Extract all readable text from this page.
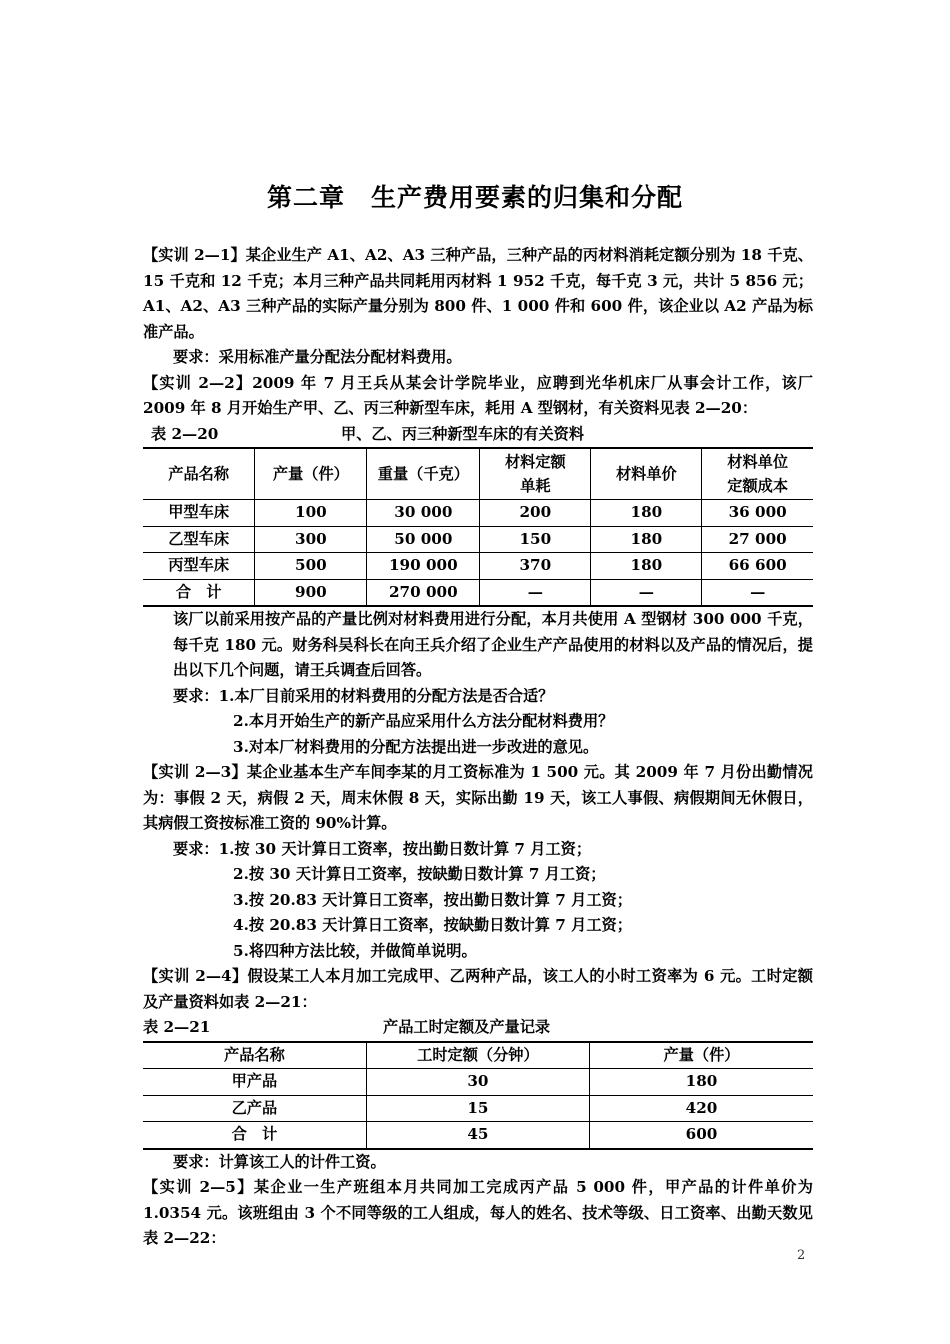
第二章　生产费用要素的归集和分配

【实训 2—1】某企业生产 A1、A2、A3 三种产品，三种产品的丙材料消耗定额分别为 18 千克、15 千克和 12 千克；本月三种产品共同耗用丙材料 1 952 千克，每千克 3 元，共计 5 856 元；A1、A2、A3 三种产品的实际产量分别为 800 件、1 000 件和 600 件，该企业以 A2 产品为标准产品。

要求：采用标准产量分配法分配材料费用。

【实训 2—2】2009 年 7 月王兵从某会计学院毕业，应聘到光华机床厂从事会计工作，该厂 2009 年 8 月开始生产甲、乙、丙三种新型车床，耗用 A 型钢材，有关资料见表 2—20：

表 2—20	甲、乙、丙三种新型车床的有关资料
产品名称	产量（件）	重量（千克）	材料定额单耗	材料单价	材料单位定额成本
甲型车床	100	30 000	200	180	36 000
乙型车床	300	50 000	150	180	27 000
丙型车床	500	190 000	370	180	66 600
合　计	900	270 000	—	—	—

该厂以前采用按产品的产量比例对材料费用进行分配，本月共使用 A 型钢材 300 000 千克，每千克 180 元。财务科吴科长在向王兵介绍了企业生产产品使用的材料以及产品的情况后，提出以下几个问题，请王兵调查后回答。

要求：1.本厂目前采用的材料费用的分配方法是否合适？

2.本月开始生产的新产品应采用什么方法分配材料费用？

3.对本厂材料费用的分配方法提出进一步改进的意见。

【实训 2—3】某企业基本生产车间李某的月工资标准为 1 500 元。其 2009 年 7 月份出勤情况为：事假 2 天，病假 2 天，周末休假 8 天，实际出勤 19 天，该工人事假、病假期间无休假日，其病假工资按标准工资的 90%计算。

要求：1.按 30 天计算日工资率，按出勤日数计算 7 月工资；

2.按 30 天计算日工资率，按缺勤日数计算 7 月工资；

3.按 20.83 天计算日工资率，按出勤日数计算 7 月工资；

4.按 20.83 天计算日工资率，按缺勤日数计算 7 月工资；

5.将四种方法比较，并做简单说明。

【实训 2—4】假设某工人本月加工完成甲、乙两种产品，该工人的小时工资率为 6 元。工时定额及产量资料如表 2—21：

表 2—21	产品工时定额及产量记录
产品名称	工时定额（分钟）	产量（件）
甲产品	30	180
乙产品	15	420
合　计	45	600

要求：计算该工人的计件工资。

【实训 2—5】某企业一生产班组本月共同加工完成丙产品 5 000 件，甲产品的计件单价为 1.0354 元。该班组由 3 个不同等级的工人组成，每人的姓名、技术等级、日工资率、出勤天数见表 2—22：

2
